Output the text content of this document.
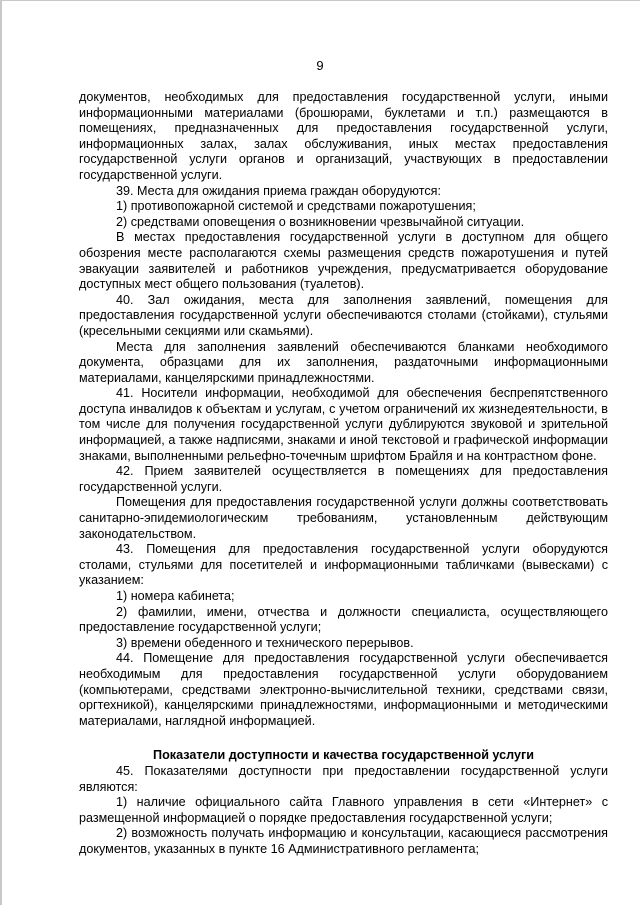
9

документов, необходимых для предоставления государственной услуги, иными информационными материалами (брошюрами, буклетами и т.п.) размещаются в помещениях, предназначенных для предоставления государственной услуги, информационных залах, залах обслуживания, иных местах предоставления государственной услуги органов и организаций, участвующих в предоставлении государственной услуги.

39. Места для ожидания приема граждан оборудуются:

1) противопожарной системой и средствами пожаротушения;

2) средствами оповещения о возникновении чрезвычайной ситуации.

В местах предоставления государственной услуги в доступном для общего обозрения месте располагаются схемы размещения средств пожаротушения и путей эвакуации заявителей и работников учреждения, предусматривается оборудование доступных мест общего пользования (туалетов).

40. Зал ожидания, места для заполнения заявлений, помещения для предоставления государственной услуги обеспечиваются столами (стойками), стульями (кресельными секциями или скамьями).

Места для заполнения заявлений обеспечиваются бланками необходимого документа, образцами для их заполнения, раздаточными информационными материалами, канцелярскими принадлежностями.

41. Носители информации, необходимой для обеспечения беспрепятственного доступа инвалидов к объектам и услугам, с учетом ограничений их жизнедеятельности, в том числе для получения государственной услуги дублируются звуковой и зрительной информацией, а также надписями, знаками и иной текстовой и графической информации знаками, выполненными рельефно-точечным шрифтом Брайля и на контрастном фоне.

42. Прием заявителей осуществляется в помещениях для предоставления государственной услуги.

Помещения для предоставления государственной услуги должны соответствовать санитарно-эпидемиологическим требованиям, установленным действующим законодательством.

43. Помещения для предоставления государственной услуги оборудуются столами, стульями для посетителей и информационными табличками (вывесками) с указанием:

1) номера кабинета;

2) фамилии, имени, отчества и должности специалиста, осуществляющего предоставление государственной услуги;

3) времени обеденного и технического перерывов.

44. Помещение для предоставления государственной услуги обеспечивается необходимым для предоставления государственной услуги оборудованием (компьютерами, средствами электронно-вычислительной техники, средствами связи, оргтехникой), канцелярскими принадлежностями, информационными и методическими материалами, наглядной информацией.

Показатели доступности и качества государственной услуги

45. Показателями доступности при предоставлении государственной услуги являются:

1) наличие официального сайта Главного управления в сети «Интернет» с размещенной информацией о порядке предоставления государственной услуги;

2) возможность получать информацию и консультации, касающиеся рассмотрения документов, указанных в пункте 16 Административного регламента;
